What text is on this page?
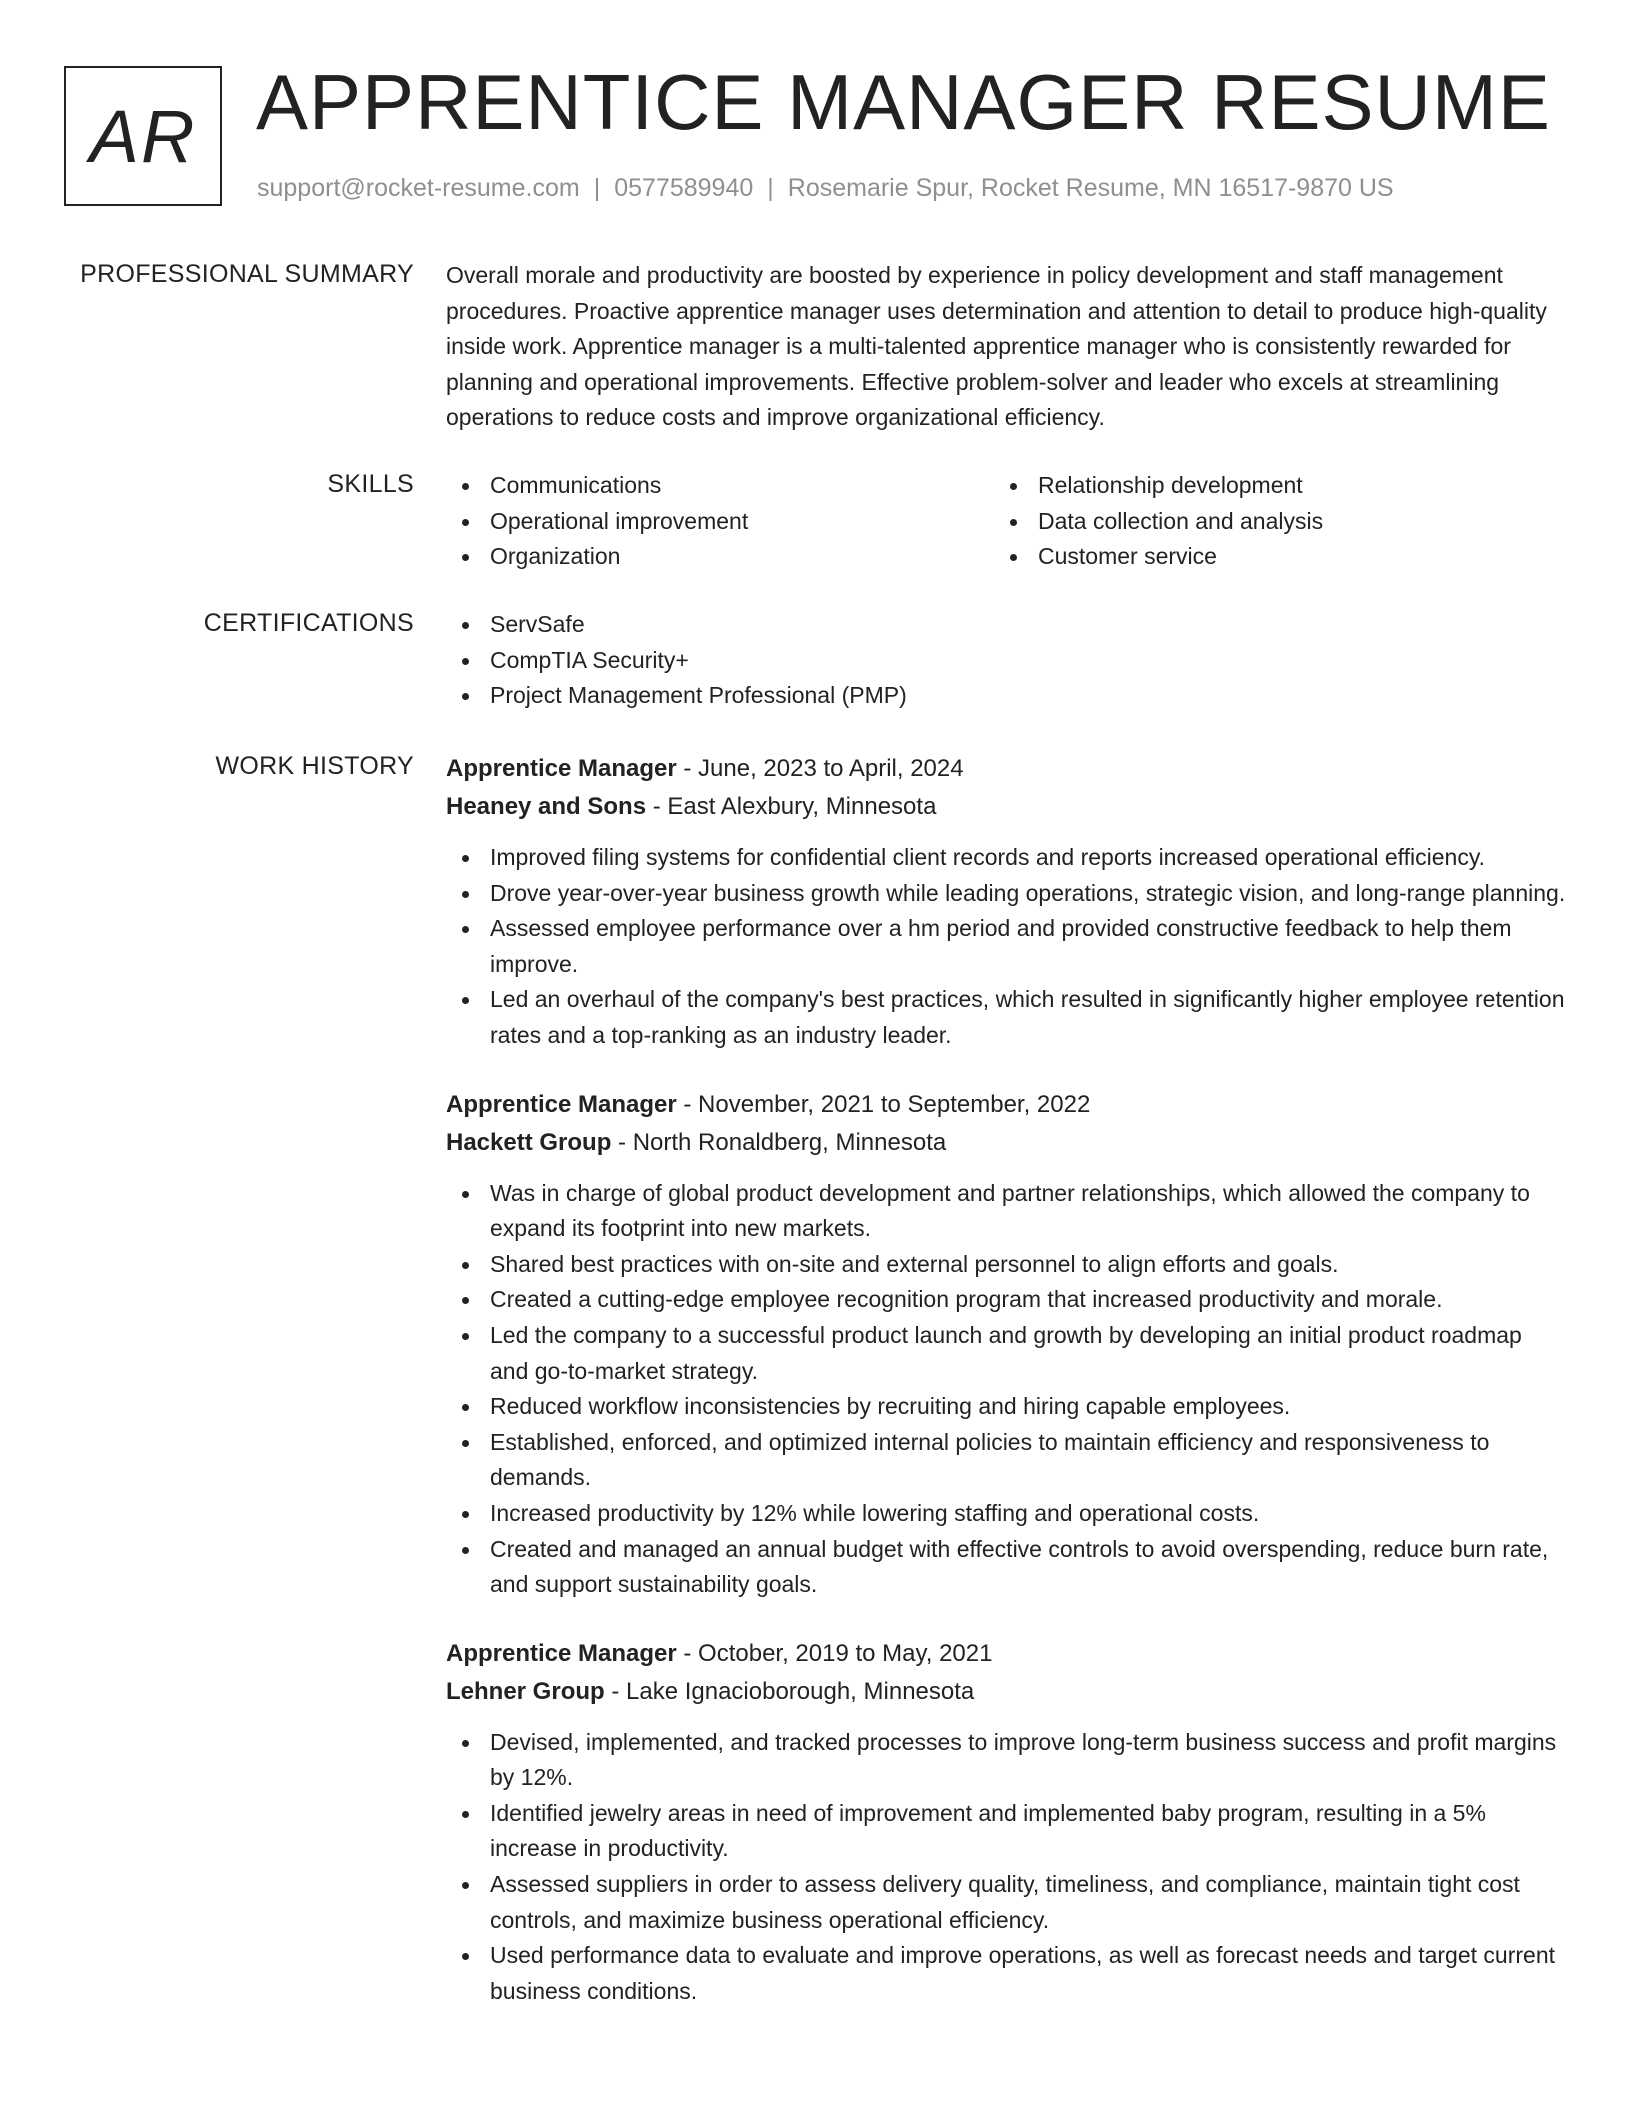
AR APPRENTICE MANAGER RESUME
support@rocket-resume.com | 0577589940 | Rosemarie Spur, Rocket Resume, MN 16517-9870 US
PROFESSIONAL SUMMARY Overall morale and productivity are boosted by experience in policy development and staff management procedures. Proactive apprentice manager uses determination and attention to detail to produce high-quality inside work. Apprentice manager is a multi-talented apprentice manager who is consistently rewarded for planning and operational improvements. Effective problem-solver and leader who excels at streamlining operations to reduce costs and improve organizational efficiency.

SKILLS	Communications
Operational improvement
Organization
Relationship development
Data collection and analysis
Customer service
CERTIFICATIONS	ServSafe
CompTIA Security+
Project Management Professional (PMP)
WORK HISTORY Apprentice Manager - June, 2023 to April, 2024
Heaney and Sons - East Alexbury, Minnesota
Improved filing systems for confidential client records and reports increased operational efficiency.
Drove year-over-year business growth while leading operations, strategic vision, and long-range planning.
Assessed employee performance over a hm period and provided constructive feedback to help them improve.
Led an overhaul of the company's best practices, which resulted in significantly higher employee retention rates and a top-ranking as an industry leader.
Apprentice Manager - November, 2021 to September, 2022
Hackett Group - North Ronaldberg, Minnesota
Was in charge of global product development and partner relationships, which allowed the company to expand its footprint into new markets.
Shared best practices with on-site and external personnel to align efforts and goals.
Created a cutting-edge employee recognition program that increased productivity and morale.
Led the company to a successful product launch and growth by developing an initial product roadmap and go-to-market strategy.
Reduced workflow inconsistencies by recruiting and hiring capable employees.
Established, enforced, and optimized internal policies to maintain efficiency and responsiveness to demands.
Increased productivity by 12% while lowering staffing and operational costs.
Created and managed an annual budget with effective controls to avoid overspending, reduce burn rate, and support sustainability goals.
Apprentice Manager - October, 2019 to May, 2021
Lehner Group - Lake Ignacioborough, Minnesota
Devised, implemented, and tracked processes to improve long-term business success and profit margins by 12%.
Identified jewelry areas in need of improvement and implemented baby program, resulting in a 5% increase in productivity.
Assessed suppliers in order to assess delivery quality, timeliness, and compliance, maintain tight cost controls, and maximize business operational efficiency.
Used performance data to evaluate and improve operations, as well as forecast needs and target current business conditions.
